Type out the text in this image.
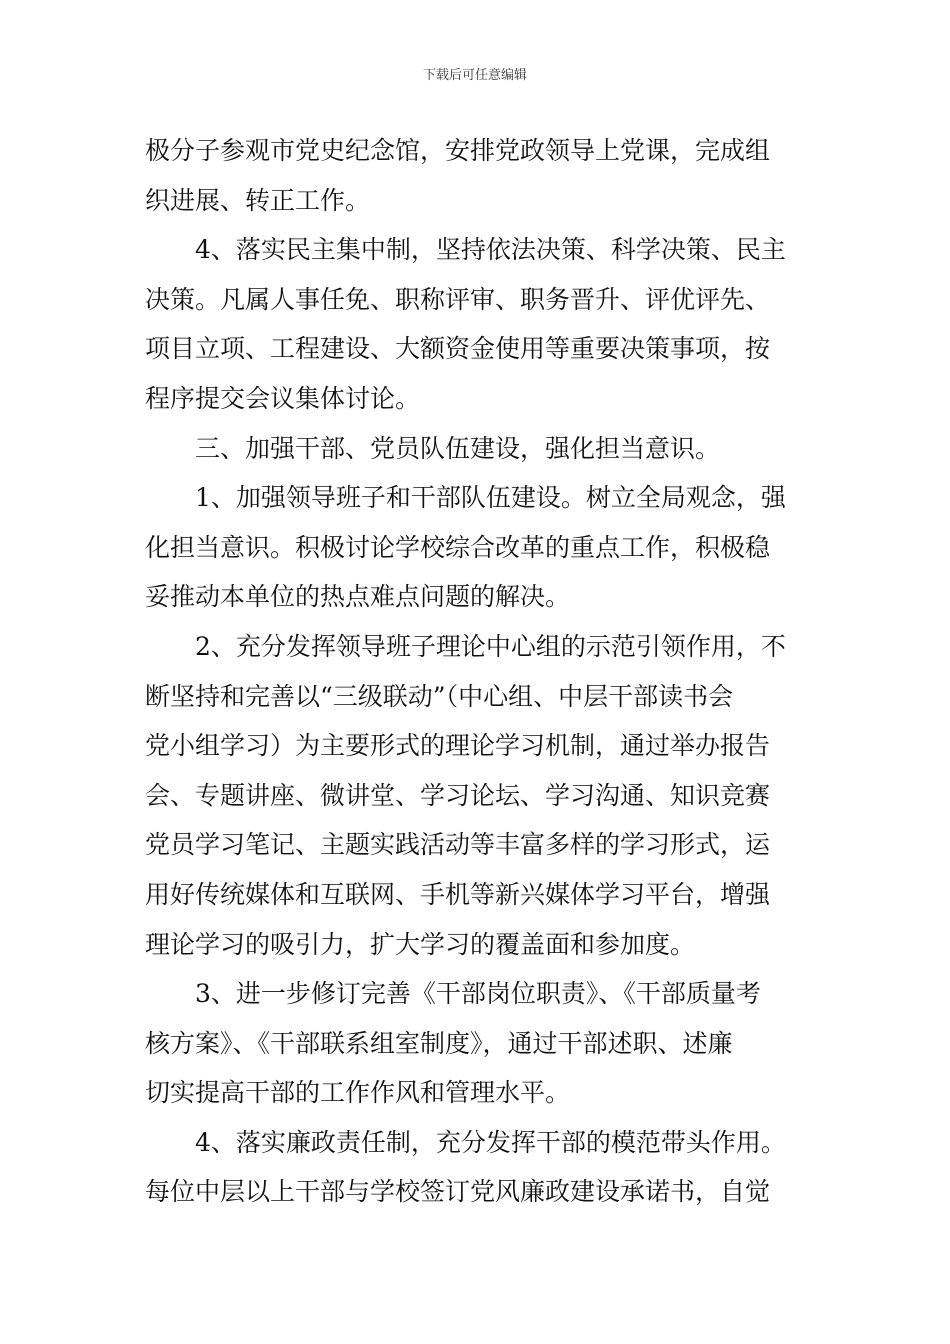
下载后可任意编辑
极分子参观市党史纪念馆，安排党政领导上党课，完成组
织进展、转正工作。
4、落实民主集中制，坚持依法决策、科学决策、民主
决策。凡属人事任免、职称评审、职务晋升、评优评先、
项目立项、工程建设、大额资金使用等重要决策事项，按
程序提交会议集体讨论。
三、加强干部、党员队伍建设，强化担当意识。
1、加强领导班子和干部队伍建设。树立全局观念，强
化担当意识。积极讨论学校综合改革的重点工作，积极稳
妥推动本单位的热点难点问题的解决。
2、充分发挥领导班子理论中心组的示范引领作用，不
断坚持和完善以“三级联动”（中心组、中层干部读书会
党小组学习）为主要形式的理论学习机制，通过举办报告
会、专题讲座、微讲堂、学习论坛、学习沟通、知识竞赛
党员学习笔记、主题实践活动等丰富多样的学习形式，运
用好传统媒体和互联网、手机等新兴媒体学习平台，增强
理论学习的吸引力，扩大学习的覆盖面和参加度。
3、进一步修订完善《干部岗位职责》、《干部质量考
核方案》、《干部联系组室制度》，通过干部述职、述廉
切实提高干部的工作作风和管理水平。
4、落实廉政责任制，充分发挥干部的模范带头作用。
每位中层以上干部与学校签订党风廉政建设承诺书，自觉
